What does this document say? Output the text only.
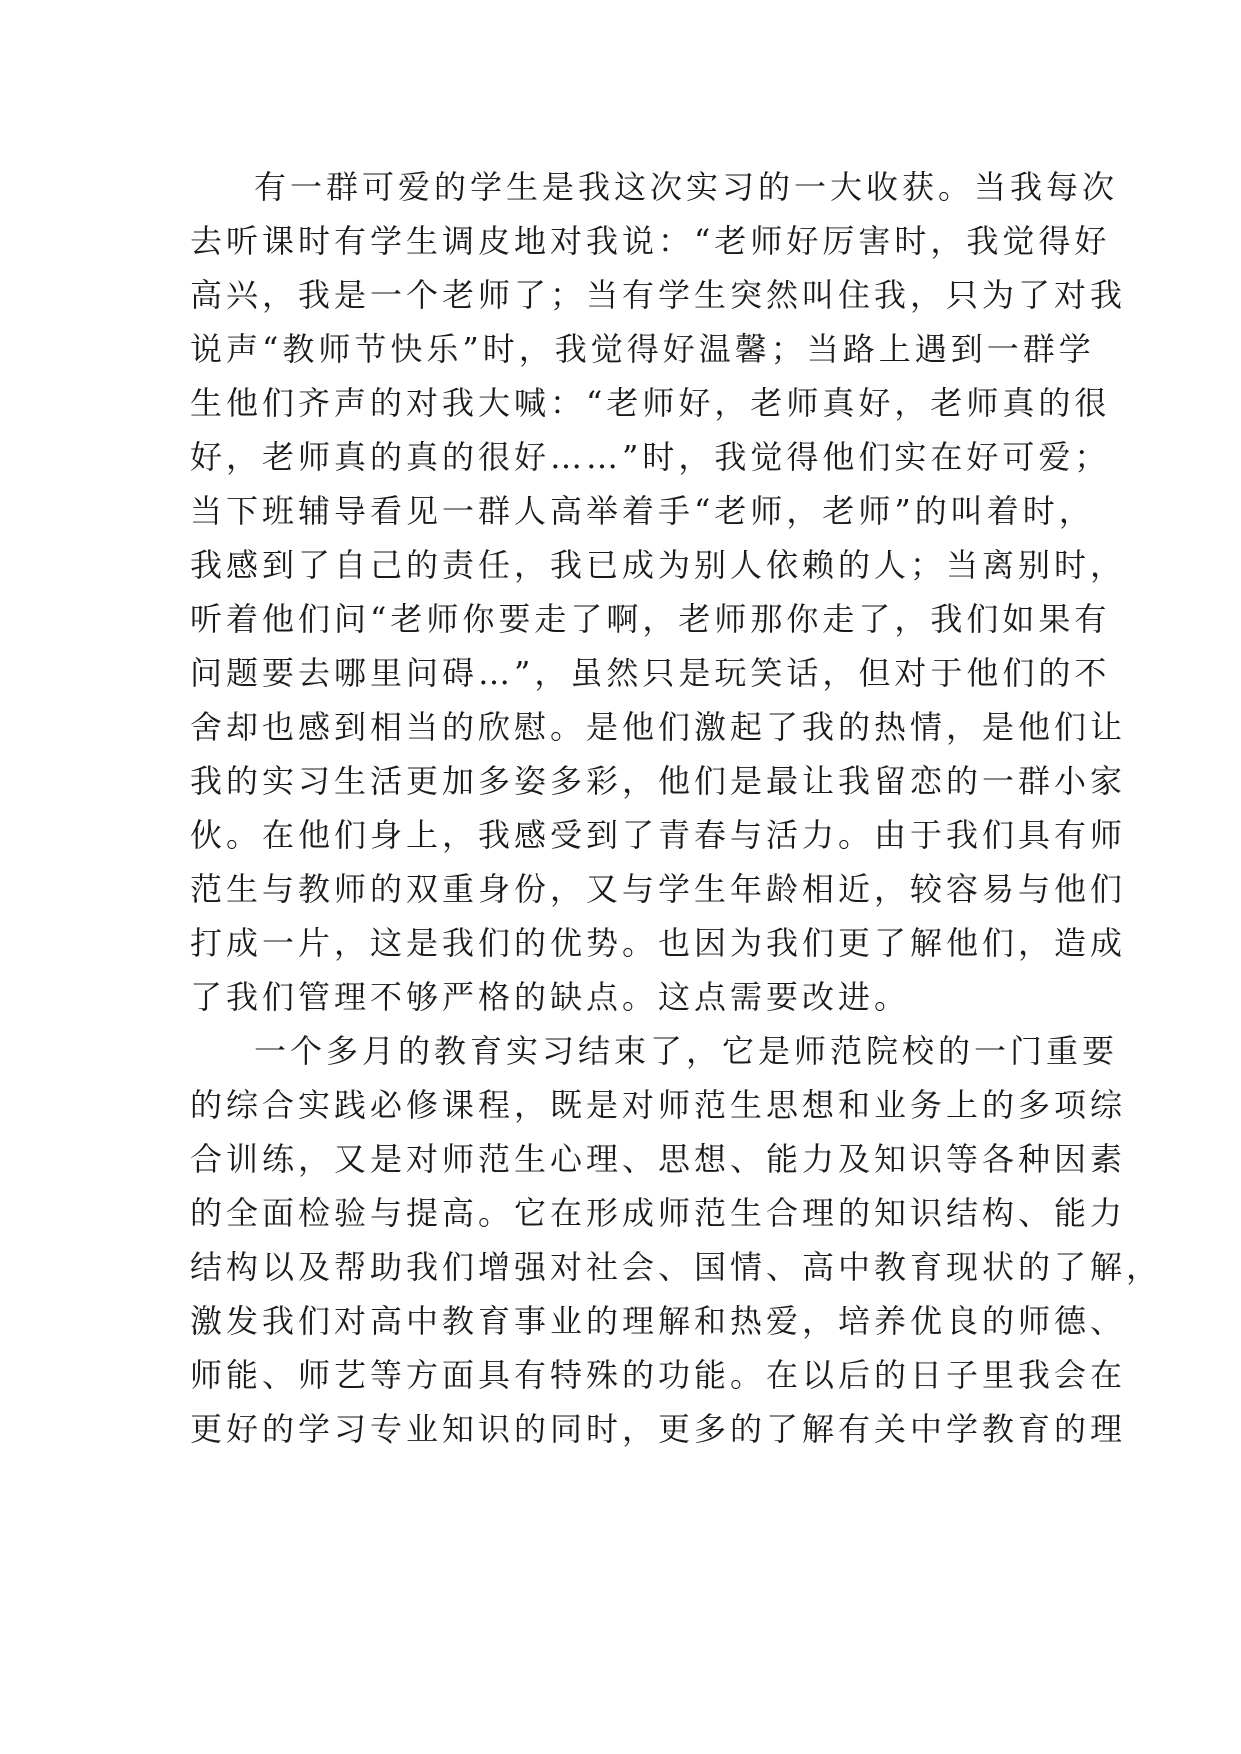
有一群可爱的学生是我这次实习的一大收获。当我每次
去听课时有学生调皮地对我说：“老师好厉害时，我觉得好
高兴，我是一个老师了；当有学生突然叫住我，只为了对我
说声“教师节快乐”时，我觉得好温馨；当路上遇到一群学
生他们齐声的对我大喊：“老师好，老师真好，老师真的很
好，老师真的真的很好……”时，我觉得他们实在好可爱；
当下班辅导看见一群人高举着手“老师，老师”的叫着时，
我感到了自己的责任，我已成为别人依赖的人；当离别时，
听着他们问“老师你要走了啊，老师那你走了，我们如果有
问题要去哪里问碍…”，虽然只是玩笑话，但对于他们的不
舍却也感到相当的欣慰。是他们激起了我的热情，是他们让
我的实习生活更加多姿多彩，他们是最让我留恋的一群小家
伙。在他们身上，我感受到了青春与活力。由于我们具有师
范生与教师的双重身份，又与学生年龄相近，较容易与他们
打成一片，这是我们的优势。也因为我们更了解他们，造成
了我们管理不够严格的缺点。这点需要改进。
一个多月的教育实习结束了，它是师范院校的一门重要
的综合实践必修课程，既是对师范生思想和业务上的多项综
合训练，又是对师范生心理、思想、能力及知识等各种因素
的全面检验与提高。它在形成师范生合理的知识结构、能力
结构以及帮助我们增强对社会、国情、高中教育现状的了解，
激发我们对高中教育事业的理解和热爱，培养优良的师德、
师能、师艺等方面具有特殊的功能。在以后的日子里我会在
更好的学习专业知识的同时，更多的了解有关中学教育的理
